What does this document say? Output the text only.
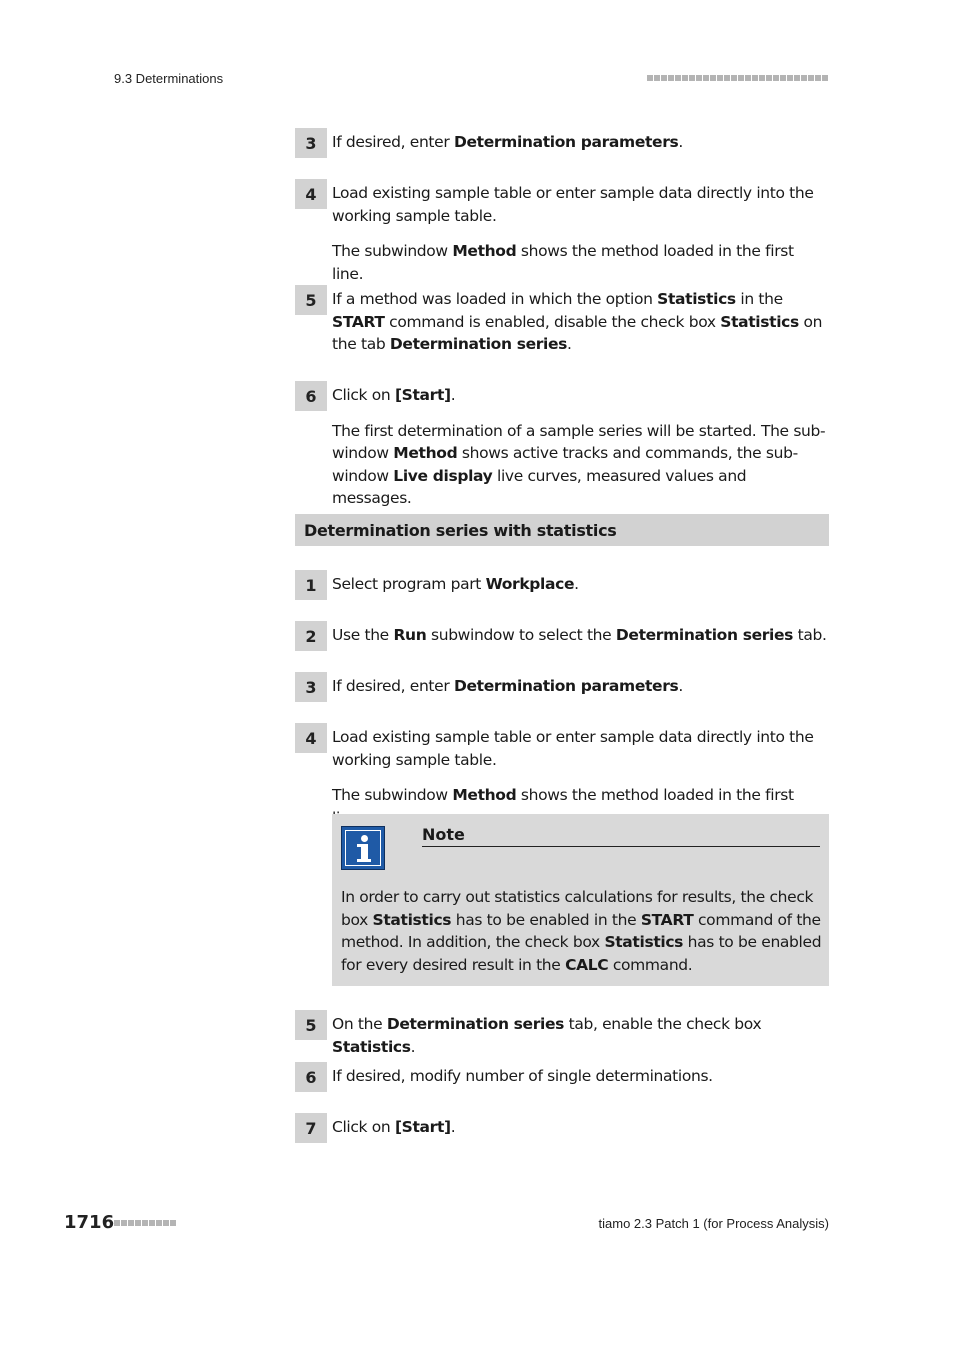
9.3 Determinations
3 If desired, enter Determination parameters.

4 Load existing sample table or enter sample data directly into the working sample table.

The subwindow Method shows the method loaded in the first line.

5 If a method was loaded in which the option Statistics in the START command is enabled, disable the check box Statistics on the tab Determination series.

6 Click on [Start].

The first determination of a sample series will be started. The sub-window Method shows active tracks and commands, the sub-window Live display live curves, measured values and messages.

Determination series with statistics
1 Select program part Workplace.

2 Use the Run subwindow to select the Determination series tab.

3 If desired, enter Determination parameters.

4 Load existing sample table or enter sample data directly into the working sample table.

The subwindow Method shows the method loaded in the first

Note

In order to carry out statistics calculations for results, the check box Statistics has to be enabled in the START command of the method. In addition, the check box Statistics has to be enabled for every desired result in the CALC command.

5 On the Determination series tab, enable the check box Statistics.

6 If desired, modify number of single determinations.

7 Click on [Start].

1716	tiamo 2.3 Patch 1 (for Process Analysis)
